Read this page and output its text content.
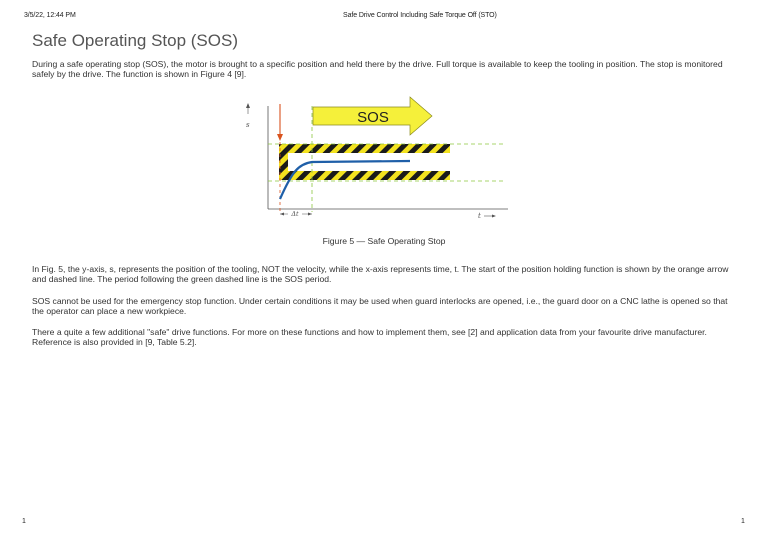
3/5/22, 12:44 PM	Safe Drive Control Including Safe Torque Off (STO)
Safe Operating Stop (SOS)

During a safe operating stop (SOS), the motor is brought to a specific position and held there by the drive. Full torque is available to keep the tooling in position. The stop is monitored safely by the drive. The function is shown in Figure 4 [9].

s
t
SOS
Δt
Figure 5 — Safe Operating Stop

In Fig. 5, the y-axis, s, represents the position of the tooling, NOT the velocity, while the x-axis represents time, t. The start of the position holding function is shown by the orange arrow and dashed line. The period following the green dashed line is the SOS period.

SOS cannot be used for the emergency stop function. Under certain conditions it may be used when guard interlocks are opened, i.e., the guard door on a CNC lathe is opened so that the operator can place a new workpiece.

There a quite a few additional "safe" drive functions. For more on these functions and how to implement them, see [2] and application data from your favourite drive manufacturer. Reference is also provided in [9, Table 5.2].

1	1
